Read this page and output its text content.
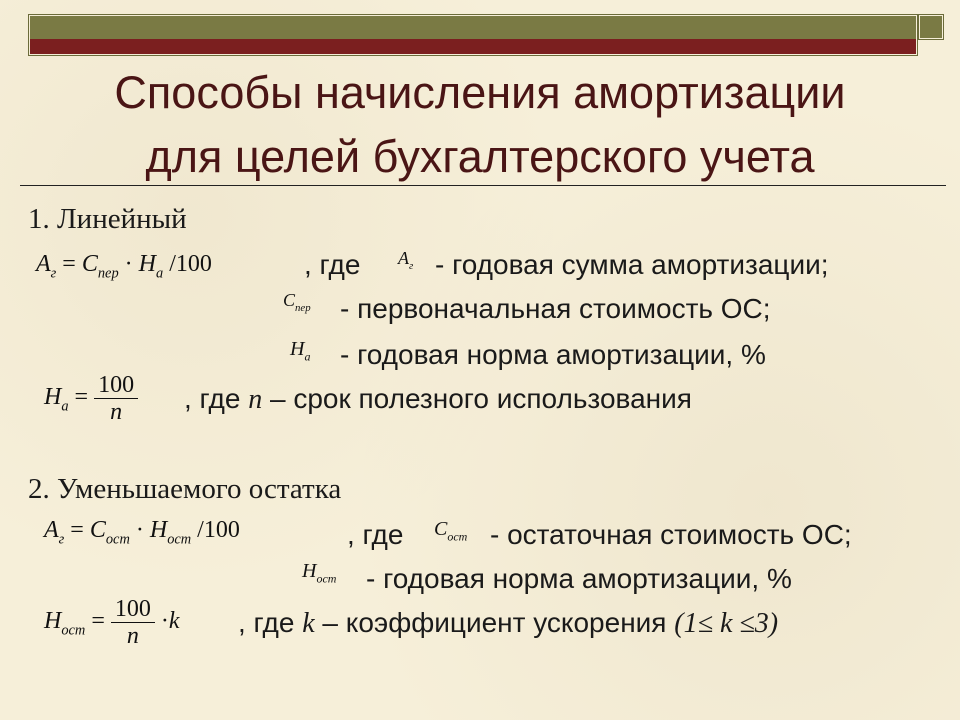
Способы начисления амортизации
для целей бухгалтерского учета
1. Линейный
$A_г = C_{пер} \cdot H_a$ /100	, где $A_г$ - годовая сумма амортизации;
$C_{пер}$ - первоначальная стоимость ОС;
$H_a$ - годовая норма амортизации, %
$H_a = \frac{100}{n}$ , где n – срок полезного использования
2. Уменьшаемого остатка
$A_г = C_{ост} \cdot H_{ост}$ /100	, где $C_{ост}$ - остаточная стоимость ОС;
$H_{ост}$ - годовая норма амортизации, %
$H_{ост} = \frac{100}{n} \cdot k$ , где k – коэффициент ускорения (1≤ k ≤3)
